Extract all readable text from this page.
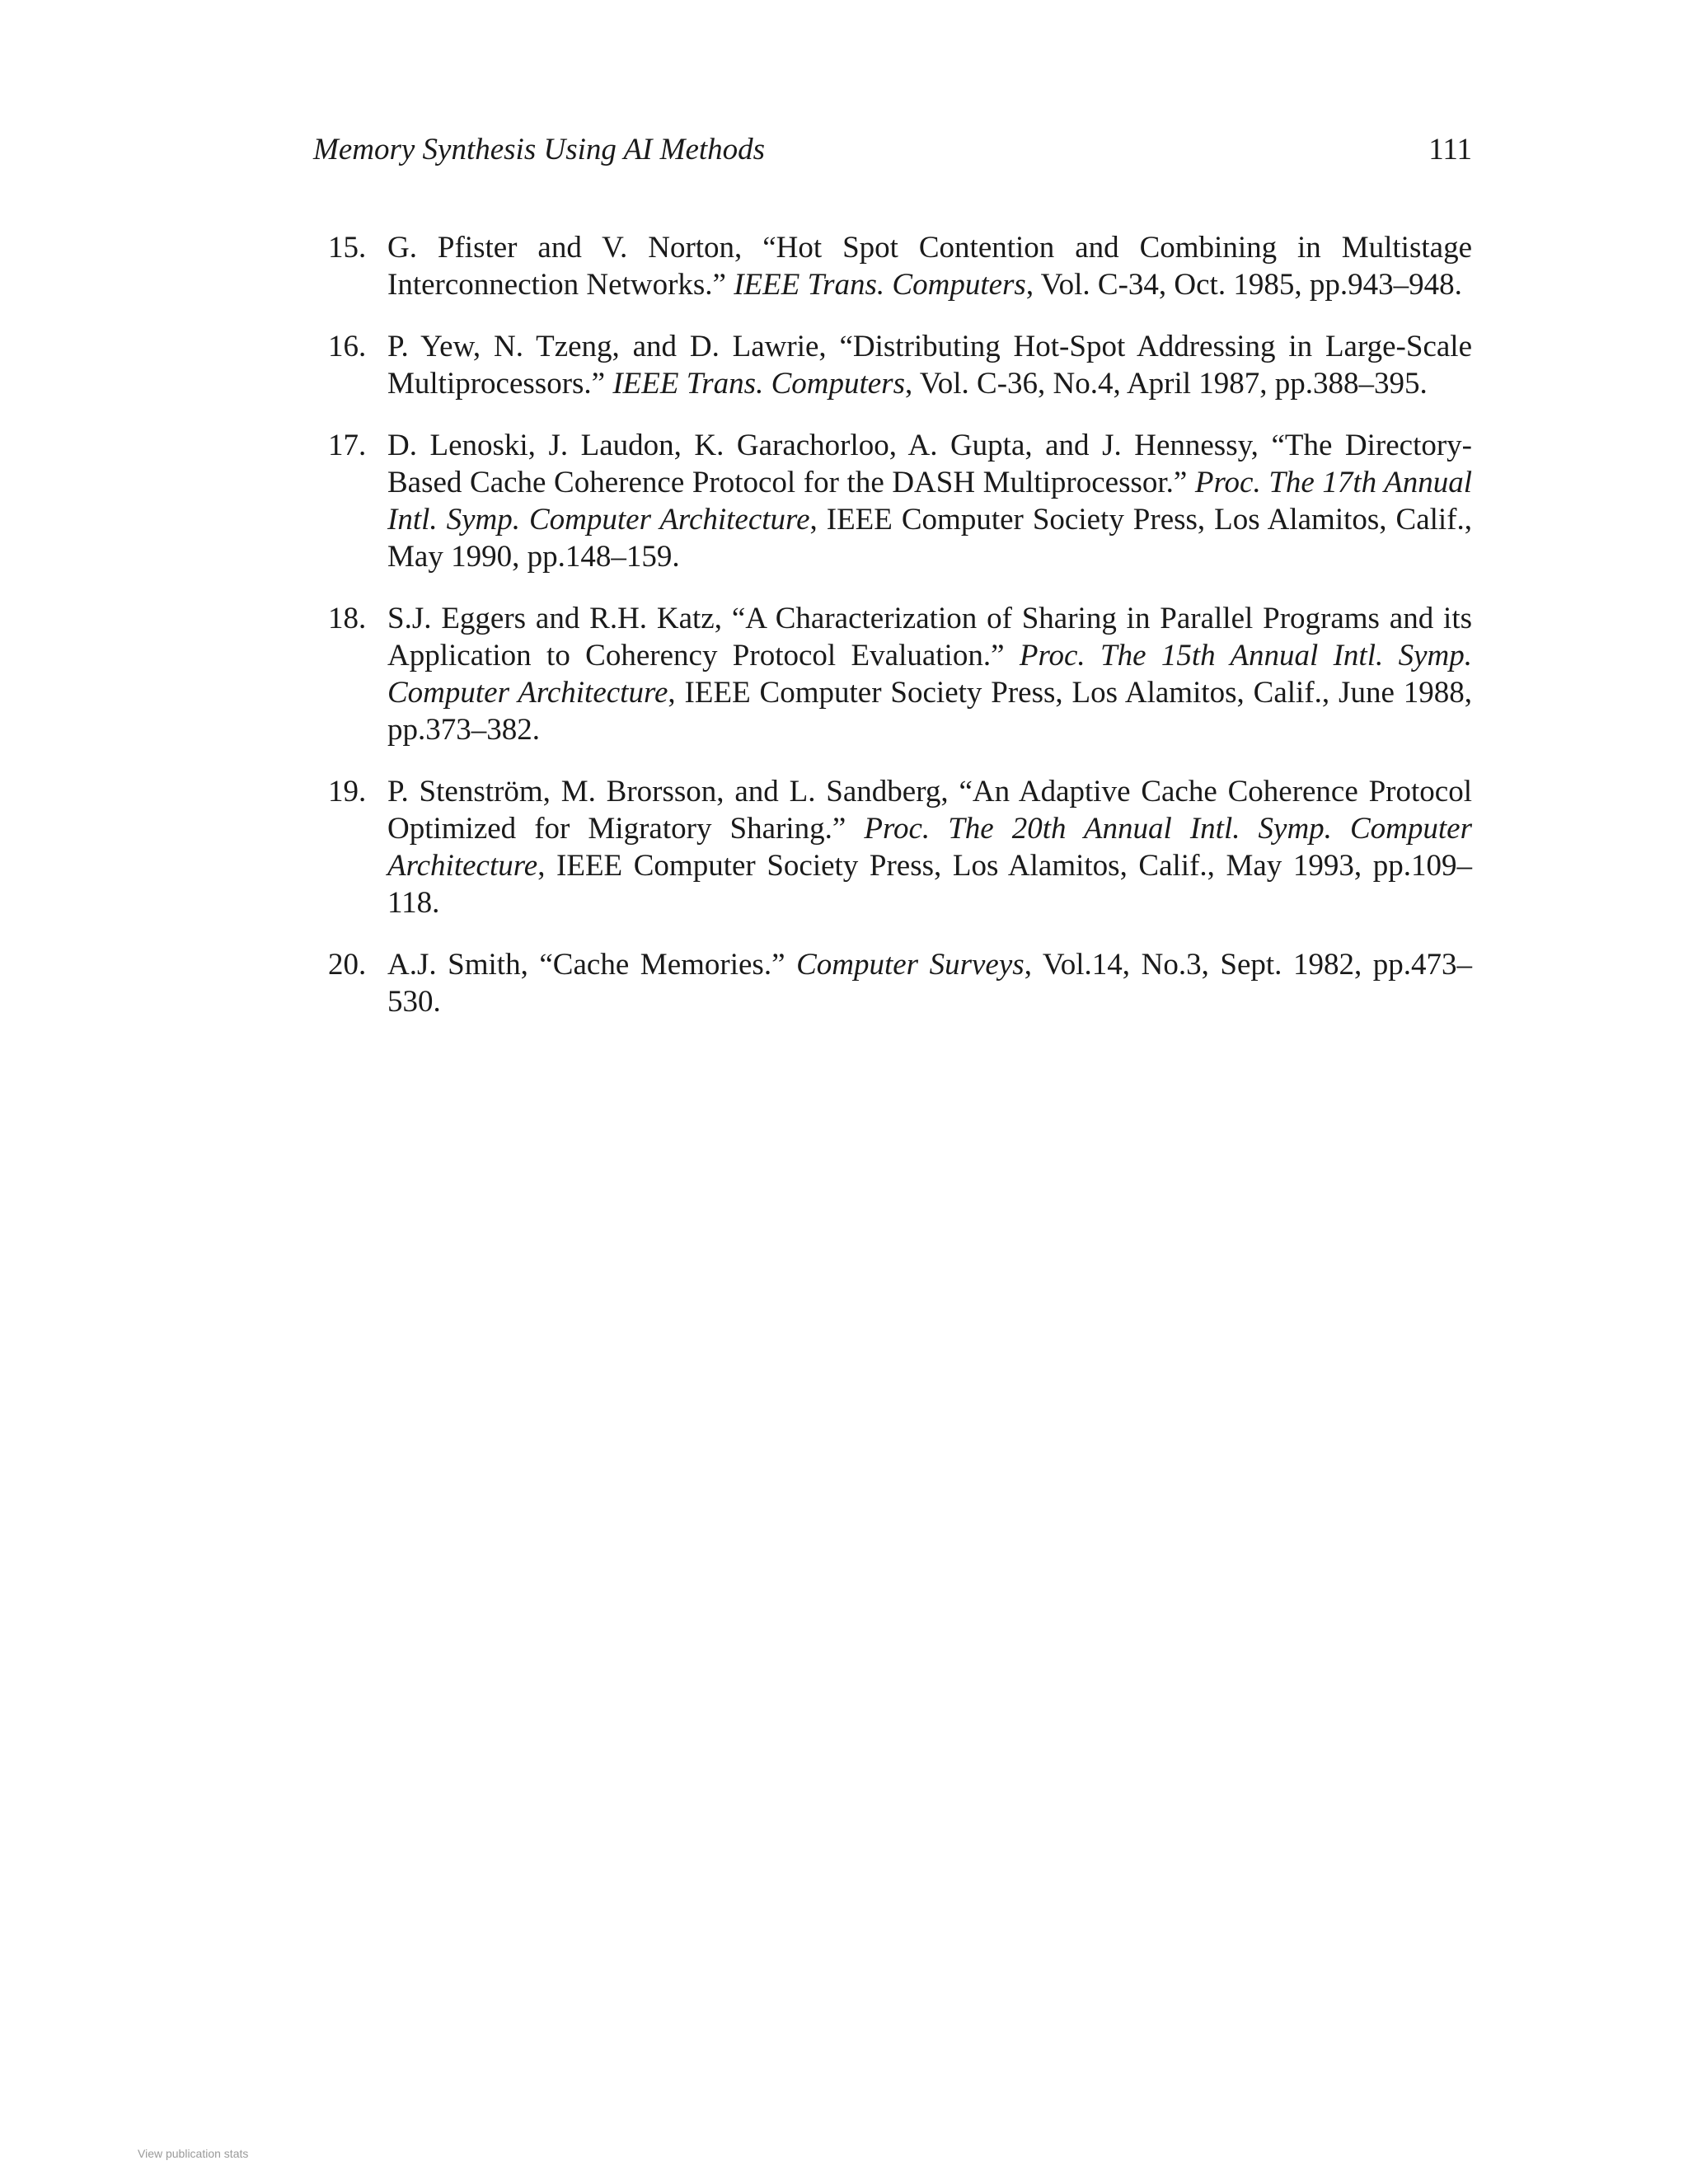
Memory Synthesis Using AI Methods	111
15. G. Pfister and V. Norton, “Hot Spot Contention and Combining in Multistage Interconnection Networks.” IEEE Trans. Computers, Vol. C-34, Oct. 1985, pp.943–948.
16. P. Yew, N. Tzeng, and D. Lawrie, “Distributing Hot-Spot Addressing in Large-Scale Multiprocessors.” IEEE Trans. Computers, Vol. C-36, No.4, April 1987, pp.388–395.
17. D. Lenoski, J. Laudon, K. Garachorloo, A. Gupta, and J. Hennessy, “The Directory-Based Cache Coherence Protocol for the DASH Multiprocessor.” Proc. The 17th Annual Intl. Symp. Computer Architecture, IEEE Computer Society Press, Los Alamitos, Calif., May 1990, pp.148–159.
18. S.J. Eggers and R.H. Katz, “A Characterization of Sharing in Parallel Programs and its Application to Coherency Protocol Evaluation.” Proc. The 15th Annual Intl. Symp. Computer Architecture, IEEE Computer Society Press, Los Alamitos, Calif., June 1988, pp.373–382.
19. P. Stenström, M. Brorsson, and L. Sandberg, “An Adaptive Cache Coherence Protocol Optimized for Migratory Sharing.” Proc. The 20th Annual Intl. Symp. Computer Architecture, IEEE Computer Society Press, Los Alamitos, Calif., May 1993, pp.109–118.
20. A.J. Smith, “Cache Memories.” Computer Surveys, Vol.14, No.3, Sept. 1982, pp.473–530.
View publication stats
